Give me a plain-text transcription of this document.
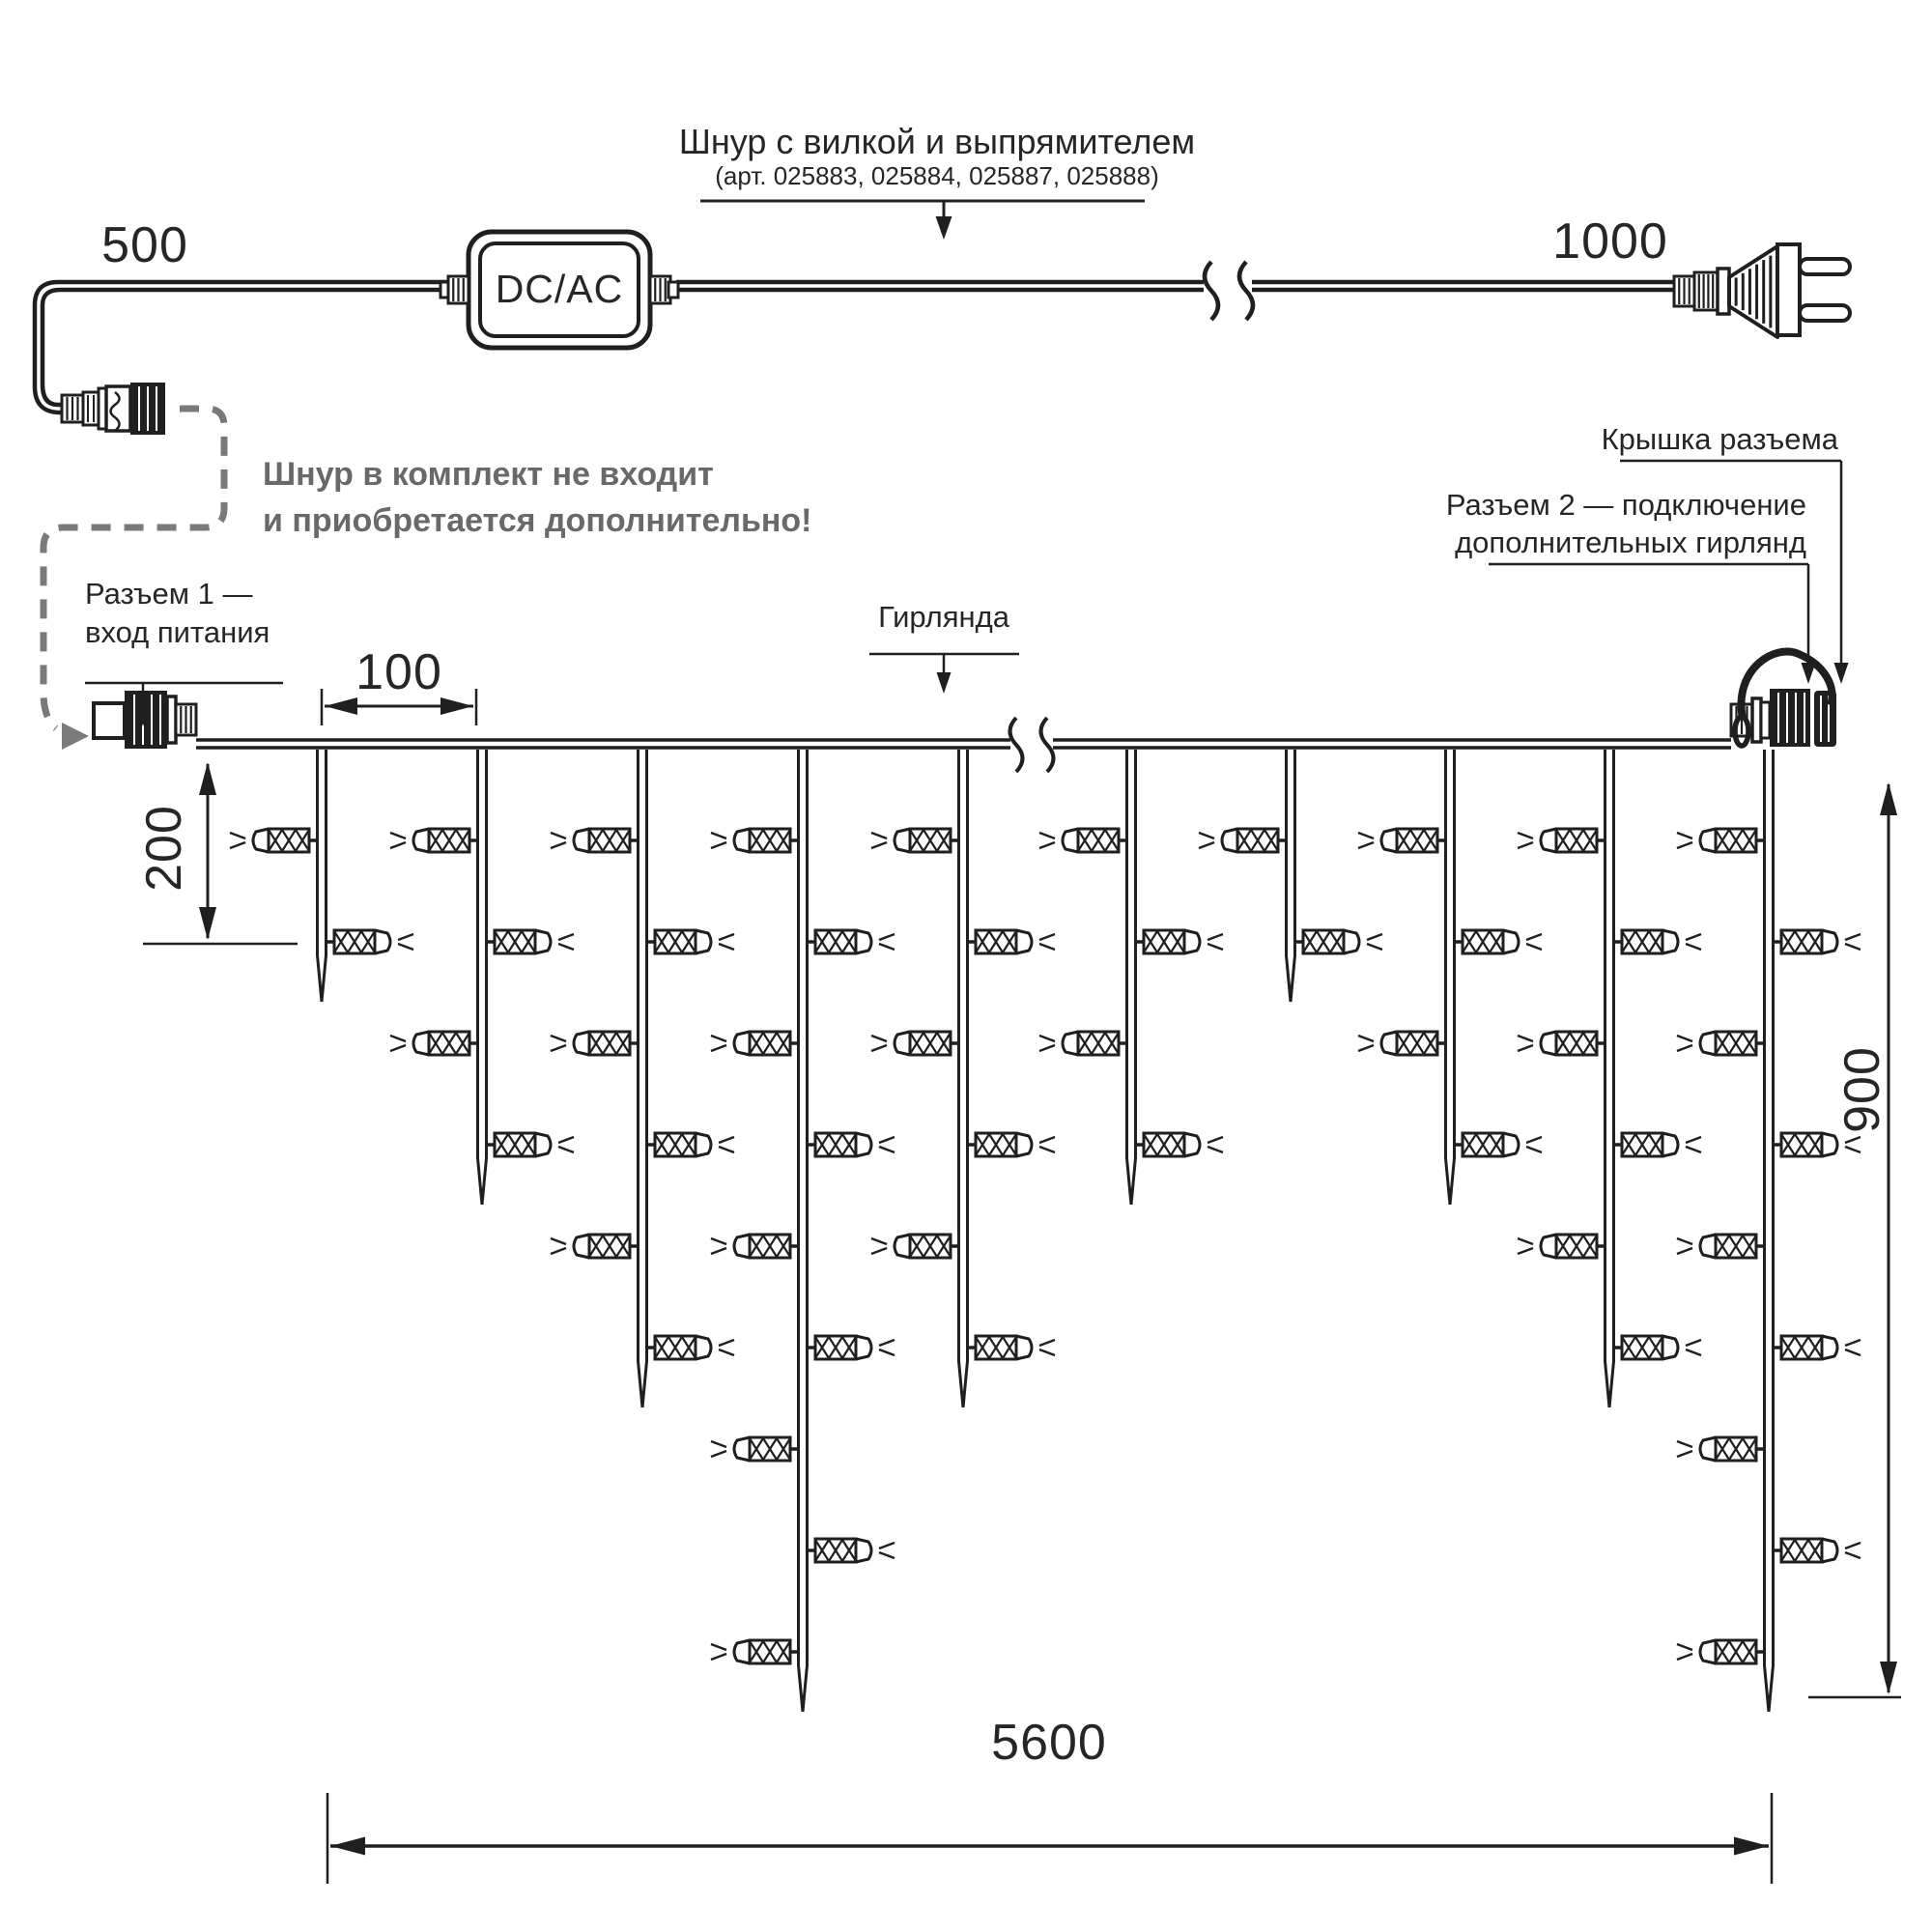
Шнур с вилкой и выпрямителем
(арт. 025883, 025884, 025887, 025888)
500	1000
DC/AC
Шнур в комплект не входит
и приобретается дополнительно!
Разъем 1 —
вход питания
Крышка разъема
Разъем 2 — подключение
дополнительных гирлянд
Гирлянда
100
200
900
5600
